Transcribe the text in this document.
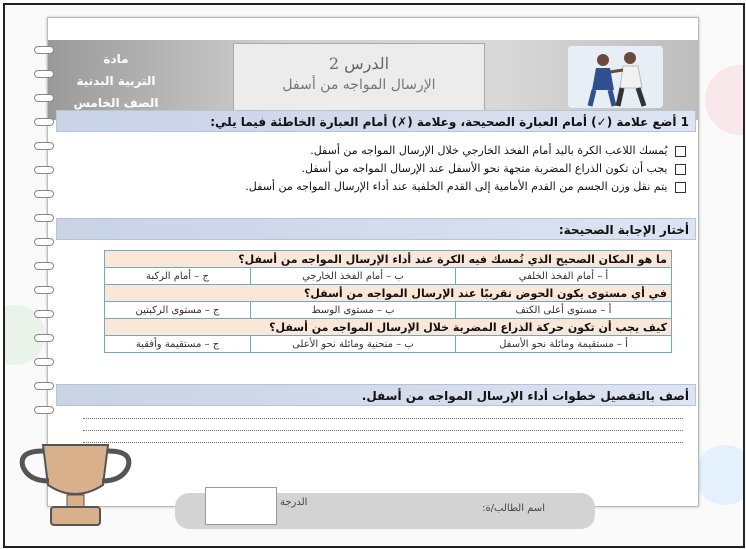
مادة
التربية البدنية
الصف الخامس
الدرس 2
الإرسال المواجه من أسفل
1 أضع علامة (✓) أمام العبارة الصحيحة، وعلامة (✗) أمام العبارة الخاطئة فيما يلي:
يُمسك اللاعب الكرة باليد أمام الفخذ الخارجي خلال الإرسال المواجه من أسفل.
يجب أن تكون الذراع المضربة متجهة نحو الأسفل عند الإرسال المواجه من أسفل.
يتم نقل وزن الجسم من القدم الأمامية إلى القدم الخلفية عند أداء الإرسال المواجه من أسفل.
أختار الإجابة الصحيحة:
ما هو المكان الصحيح الذي تُمسك فيه الكرة عند أداء الإرسال المواجه من أسفل؟		
أ – أمام الفخذ الخلفي	ب – أمام الفخذ الخارجي	ج – أمام الركبة
في أي مستوى يكون الحوض تقريبًا عند الإرسال المواجه من أسفل؟		
أ – مستوى أعلى الكتف	ب – مستوى الوسط	ج – مستوى الركبتين
كيف يجب أن تكون حركة الذراع المضربة خلال الإرسال المواجه من أسفل؟		
أ – مستقيمة ومائلة نحو الأسفل	ب – منحنية ومائلة نحو الأعلى	ج – مستقيمة وأفقية
أصف بالتفصيل خطوات أداء الإرسال المواجه من أسفل.
اسم الطالب/ة:
الدرجة
